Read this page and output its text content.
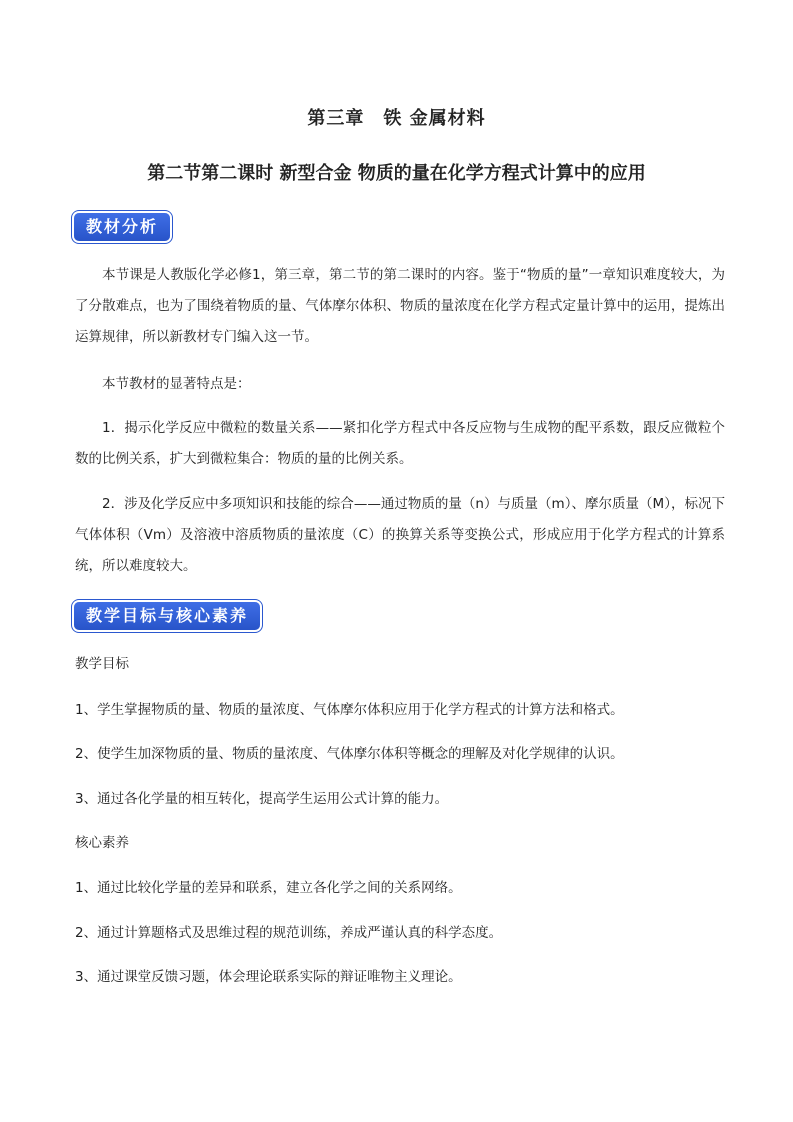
第三章　铁 金属材料
第二节第二课时 新型合金 物质的量在化学方程式计算中的应用
教材分析
本节课是人教版化学必修1，第三章，第二节的第二课时的内容。鉴于“物质的量”一章知识难度较大，为了分散难点，也为了围绕着物质的量、气体摩尔体积、物质的量浓度在化学方程式定量计算中的运用，提炼出运算规律，所以新教材专门编入这一节。
本节教材的显著特点是：
1．揭示化学反应中微粒的数量关系——紧扣化学方程式中各反应物与生成物的配平系数，跟反应微粒个数的比例关系，扩大到微粒集合：物质的量的比例关系。
2．涉及化学反应中多项知识和技能的综合——通过物质的量（n）与质量（m）、摩尔质量（M），标况下气体体积（Vm）及溶液中溶质物质的量浓度（C）的换算关系等变换公式，形成应用于化学方程式的计算系统，所以难度较大。
教学目标与核心素养
教学目标
1、学生掌握物质的量、物质的量浓度、气体摩尔体积应用于化学方程式的计算方法和格式。
2、使学生加深物质的量、物质的量浓度、气体摩尔体积等概念的理解及对化学规律的认识。
3、通过各化学量的相互转化，提高学生运用公式计算的能力。
核心素养
1、通过比较化学量的差异和联系，建立各化学之间的关系网络。
2、通过计算题格式及思维过程的规范训练，养成严谨认真的科学态度。
3、通过课堂反馈习题，体会理论联系实际的辩证唯物主义理论。
